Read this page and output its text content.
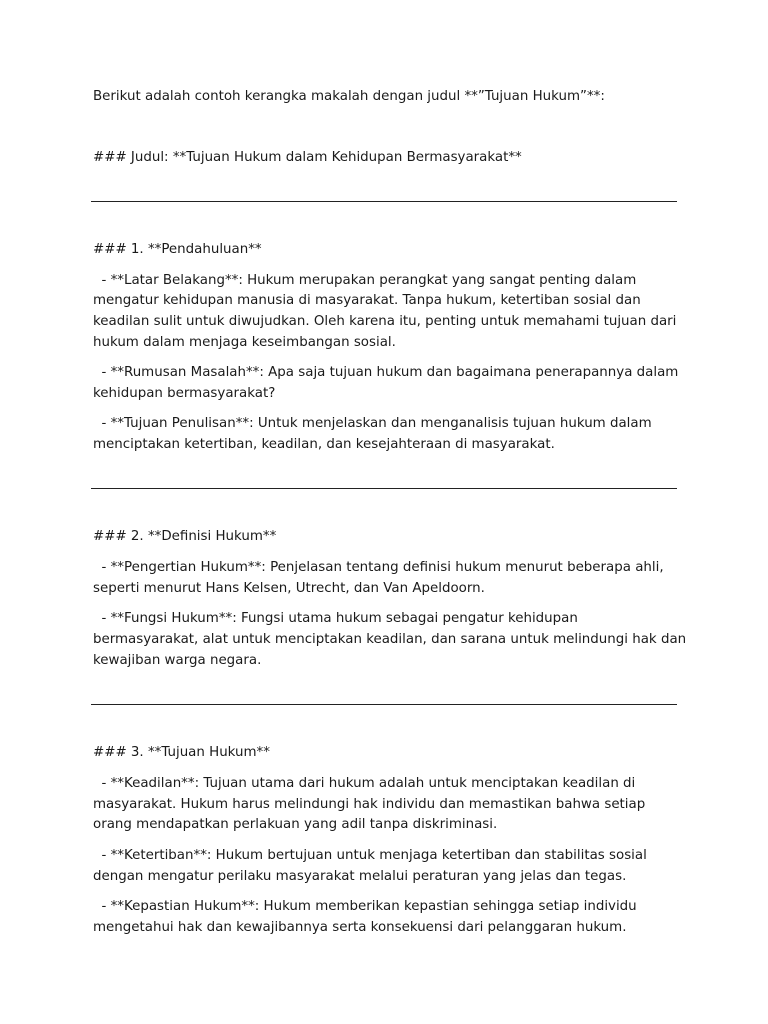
Berikut adalah contoh kerangka makalah dengan judul **”Tujuan Hukum”**:
### Judul: **Tujuan Hukum dalam Kehidupan Bermasyarakat**
### 1. **Pendahuluan**
- **Latar Belakang**: Hukum merupakan perangkat yang sangat penting dalam
mengatur kehidupan manusia di masyarakat. Tanpa hukum, ketertiban sosial dan
keadilan sulit untuk diwujudkan. Oleh karena itu, penting untuk memahami tujuan dari
hukum dalam menjaga keseimbangan sosial.
- **Rumusan Masalah**: Apa saja tujuan hukum dan bagaimana penerapannya dalam
kehidupan bermasyarakat?
- **Tujuan Penulisan**: Untuk menjelaskan dan menganalisis tujuan hukum dalam
menciptakan ketertiban, keadilan, dan kesejahteraan di masyarakat.
### 2. **Definisi Hukum**
- **Pengertian Hukum**: Penjelasan tentang definisi hukum menurut beberapa ahli,
seperti menurut Hans Kelsen, Utrecht, dan Van Apeldoorn.
- **Fungsi Hukum**: Fungsi utama hukum sebagai pengatur kehidupan
bermasyarakat, alat untuk menciptakan keadilan, dan sarana untuk melindungi hak dan
kewajiban warga negara.
### 3. **Tujuan Hukum**
- **Keadilan**: Tujuan utama dari hukum adalah untuk menciptakan keadilan di
masyarakat. Hukum harus melindungi hak individu dan memastikan bahwa setiap
orang mendapatkan perlakuan yang adil tanpa diskriminasi.
- **Ketertiban**: Hukum bertujuan untuk menjaga ketertiban dan stabilitas sosial
dengan mengatur perilaku masyarakat melalui peraturan yang jelas dan tegas.
- **Kepastian Hukum**: Hukum memberikan kepastian sehingga setiap individu
mengetahui hak dan kewajibannya serta konsekuensi dari pelanggaran hukum.
